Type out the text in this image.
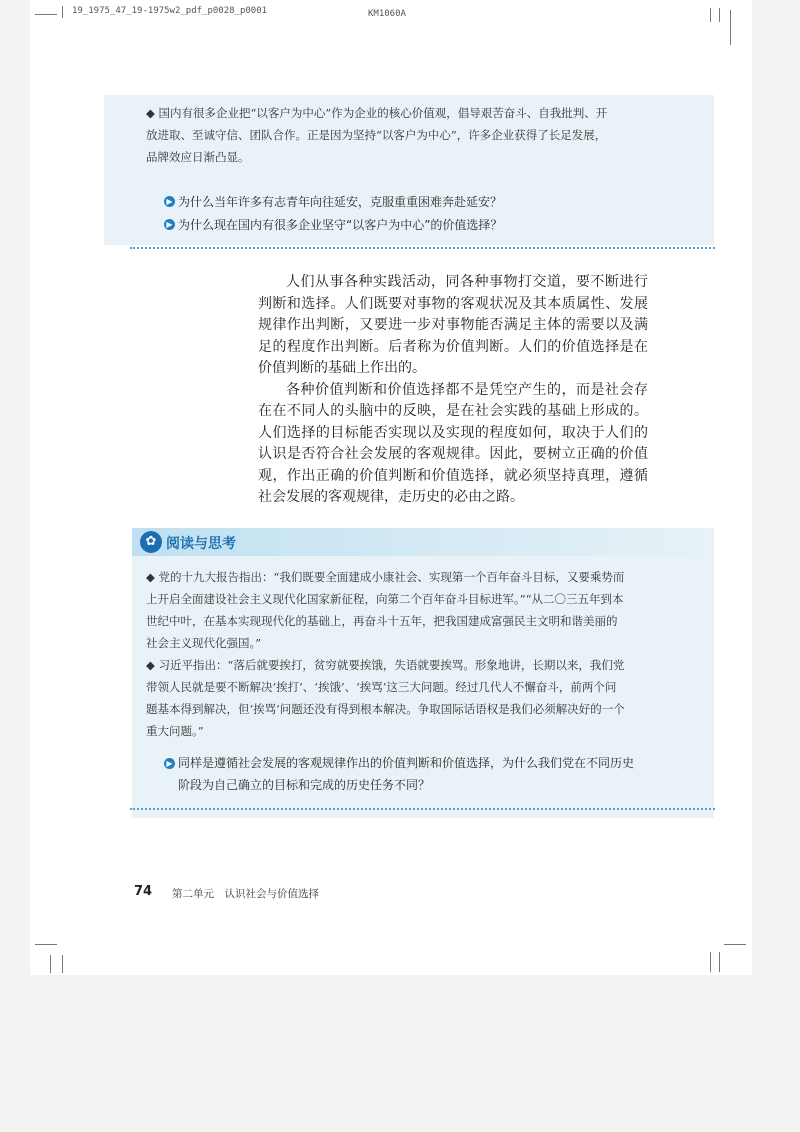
19_1975_47_19-1975w2_pdf_p0028_p0001	KM1060A
◆ 国内有很多企业把“以客户为中心”作为企业的核心价值观，倡导艰苦奋斗、自我批判、开放进取、至诚守信、团队合作。正是因为坚持“以客户为中心”，许多企业获得了长足发展，品牌效应日渐凸显。
▶ 为什么当年许多有志青年向往延安，克服重重困难奔赴延安？
▶ 为什么现在国内有很多企业坚守“以客户为中心”的价值选择？

人们从事各种实践活动，同各种事物打交道，要不断进行判断和选择。人们既要对事物的客观状况及其本质属性、发展规律作出判断，又要进一步对事物能否满足主体的需要以及满足的程度作出判断。后者称为价值判断。人们的价值选择是在价值判断的基础上作出的。

各种价值判断和价值选择都不是凭空产生的，而是社会存在在不同人的头脑中的反映，是在社会实践的基础上形成的。人们选择的目标能否实现以及实现的程度如何，取决于人们的认识是否符合社会发展的客观规律。因此，要树立正确的价值观，作出正确的价值判断和价值选择，就必须坚持真理，遵循社会发展的客观规律，走历史的必由之路。

✿ 阅读与思考
◆ 党的十九大报告指出：“我们既要全面建成小康社会、实现第一个百年奋斗目标，又要乘势而上开启全面建设社会主义现代化国家新征程，向第二个百年奋斗目标进军。”“从二〇三五年到本世纪中叶，在基本实现现代化的基础上，再奋斗十五年，把我国建成富强民主文明和谐美丽的社会主义现代化强国。”
◆ 习近平指出：“落后就要挨打，贫穷就要挨饿，失语就要挨骂。形象地讲，长期以来，我们党带领人民就是要不断解决‘挨打’、‘挨饿’、‘挨骂’这三大问题。经过几代人不懈奋斗，前两个问题基本得到解决，但‘挨骂’问题还没有得到根本解决。争取国际话语权是我们必须解决好的一个重大问题。”
▶ 同样是遵循社会发展的客观规律作出的价值判断和价值选择，为什么我们党在不同历史阶段为自己确立的目标和完成的历史任务不同？
74 第二单元　认识社会与价值选择
